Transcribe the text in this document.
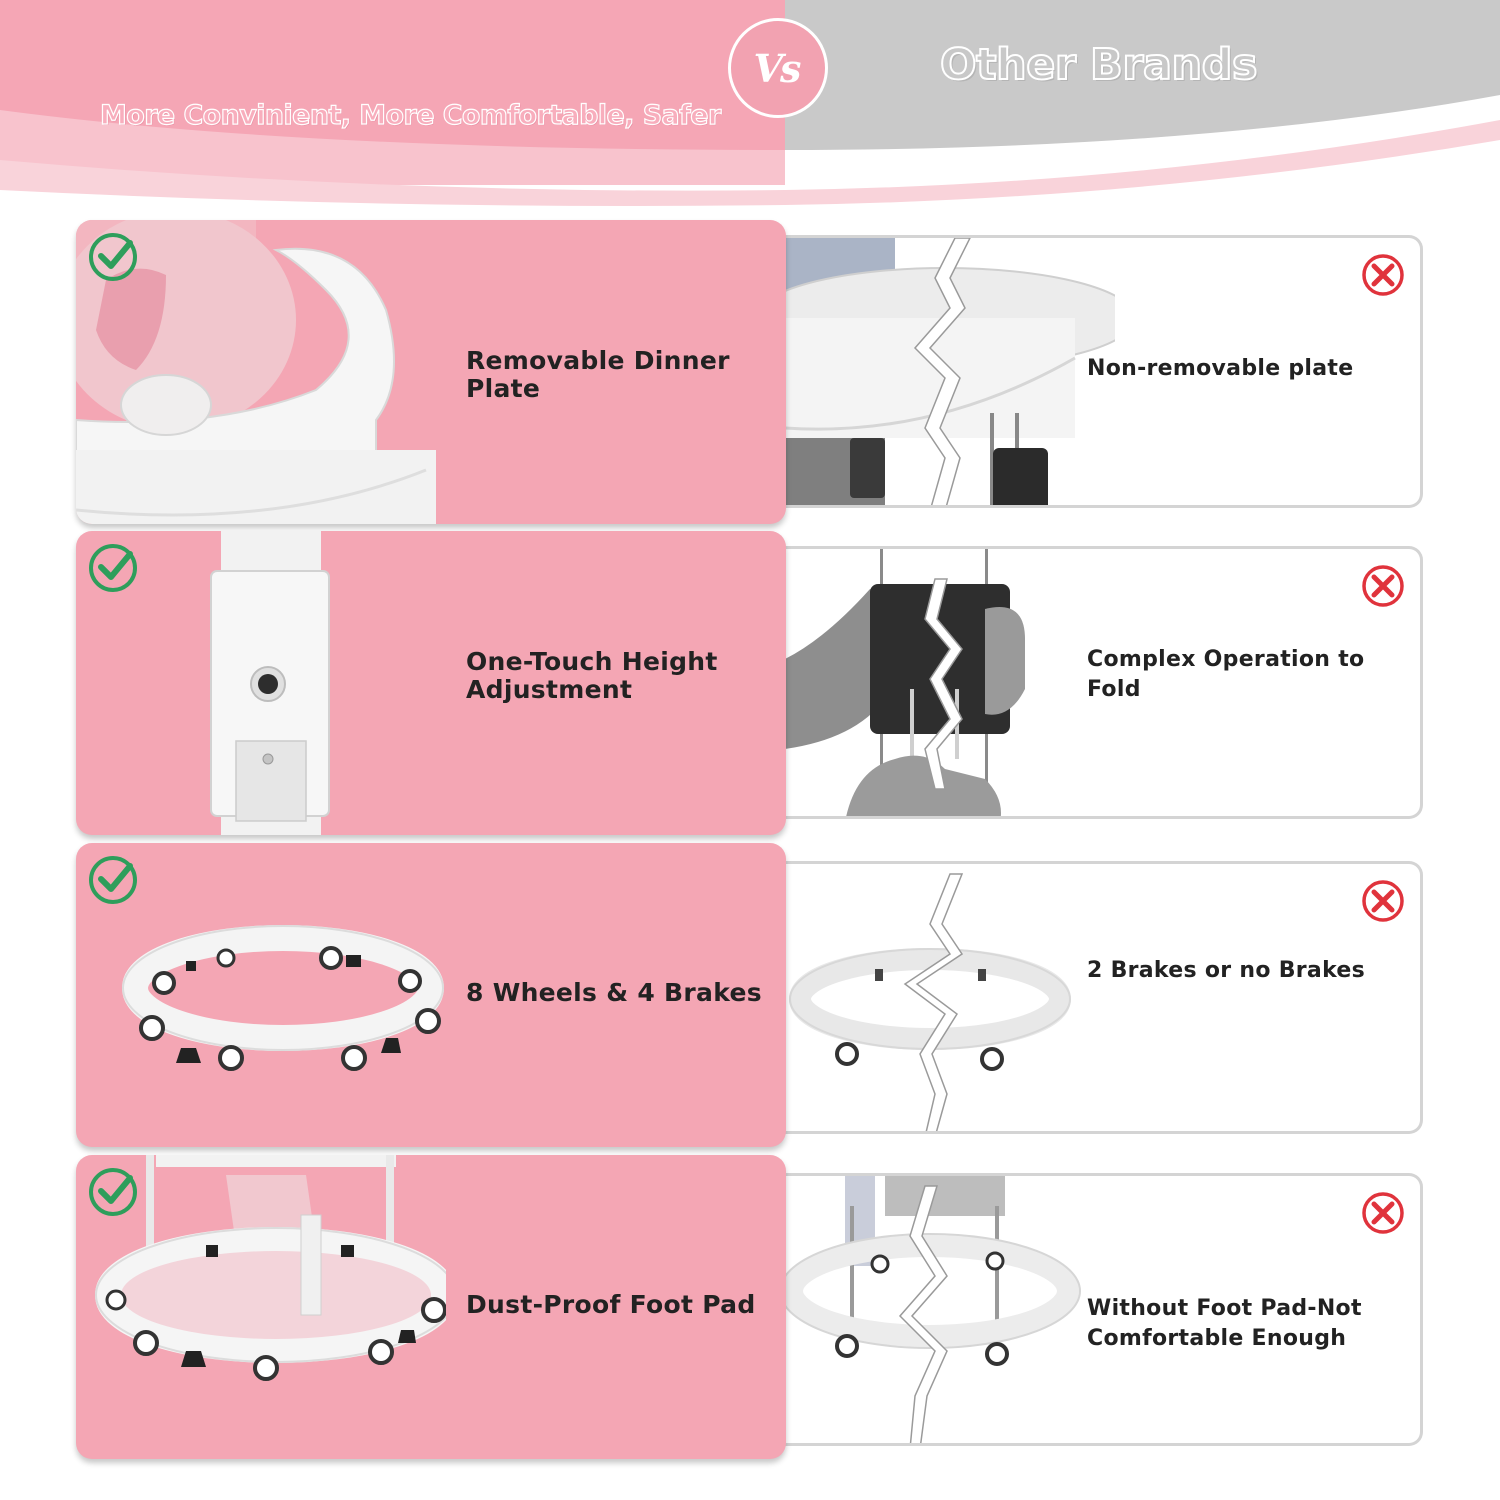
More Convinient, More Comfortable, Safer
Vs	Other Brands
Non-removable plate
Removable Dinner Plate
Complex Operation to Fold
One-Touch Height Adjustment
2 Brakes or no Brakes
8 Wheels & 4 Brakes
Without Foot Pad-Not Comfortable Enough
Dust-Proof Foot Pad
